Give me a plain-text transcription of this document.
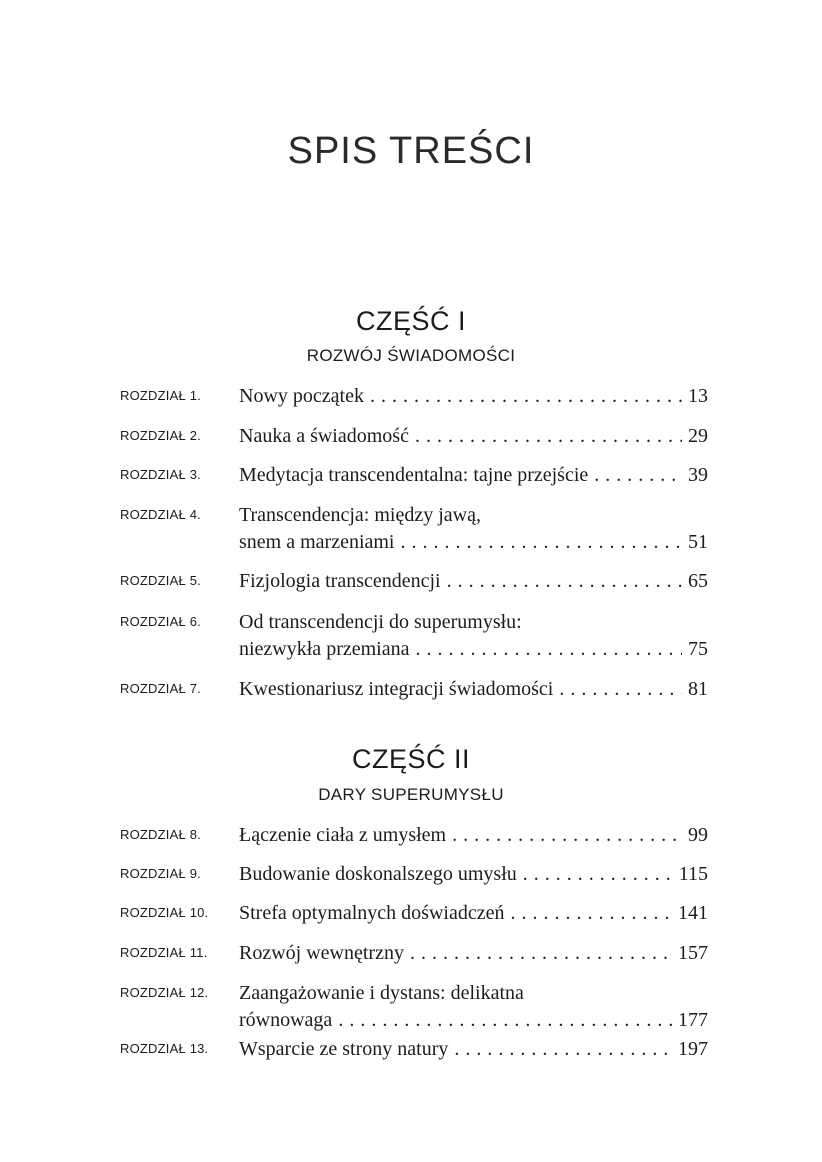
SPIS TREŚCI
CZĘŚĆ I
ROZWÓJ ŚWIADOMOŚCI
ROZDZIAŁ 1. Nowy początek . . .	13
ROZDZIAŁ 2. Nauka a świadomość . . .	29
ROZDZIAŁ 3. Medytacja transcendentalna: tajne przejście . . .	39
ROZDZIAŁ 4. Transcendencja: między jawą,
snem a marzeniami . . .	51
ROZDZIAŁ 5. Fizjologia transcendencji . . .	65
ROZDZIAŁ 6. Od transcendencji do superumysłu:
niezwykła przemiana . . .	75
ROZDZIAŁ 7. Kwestionariusz integracji świadomości . . .	81
CZĘŚĆ II
DARY SUPERUMYSŁU
ROZDZIAŁ 8. Łączenie ciała z umysłem . . .	99
ROZDZIAŁ 9. Budowanie doskonalszego umysłu . . .	115
ROZDZIAŁ 10. Strefa optymalnych doświadczeń . . .	141
ROZDZIAŁ 11. Rozwój wewnętrzny . . .	157
ROZDZIAŁ 12. Zaangażowanie i dystans: delikatna
równowaga . . .	177
ROZDZIAŁ 13. Wsparcie ze strony natury . . .	197
